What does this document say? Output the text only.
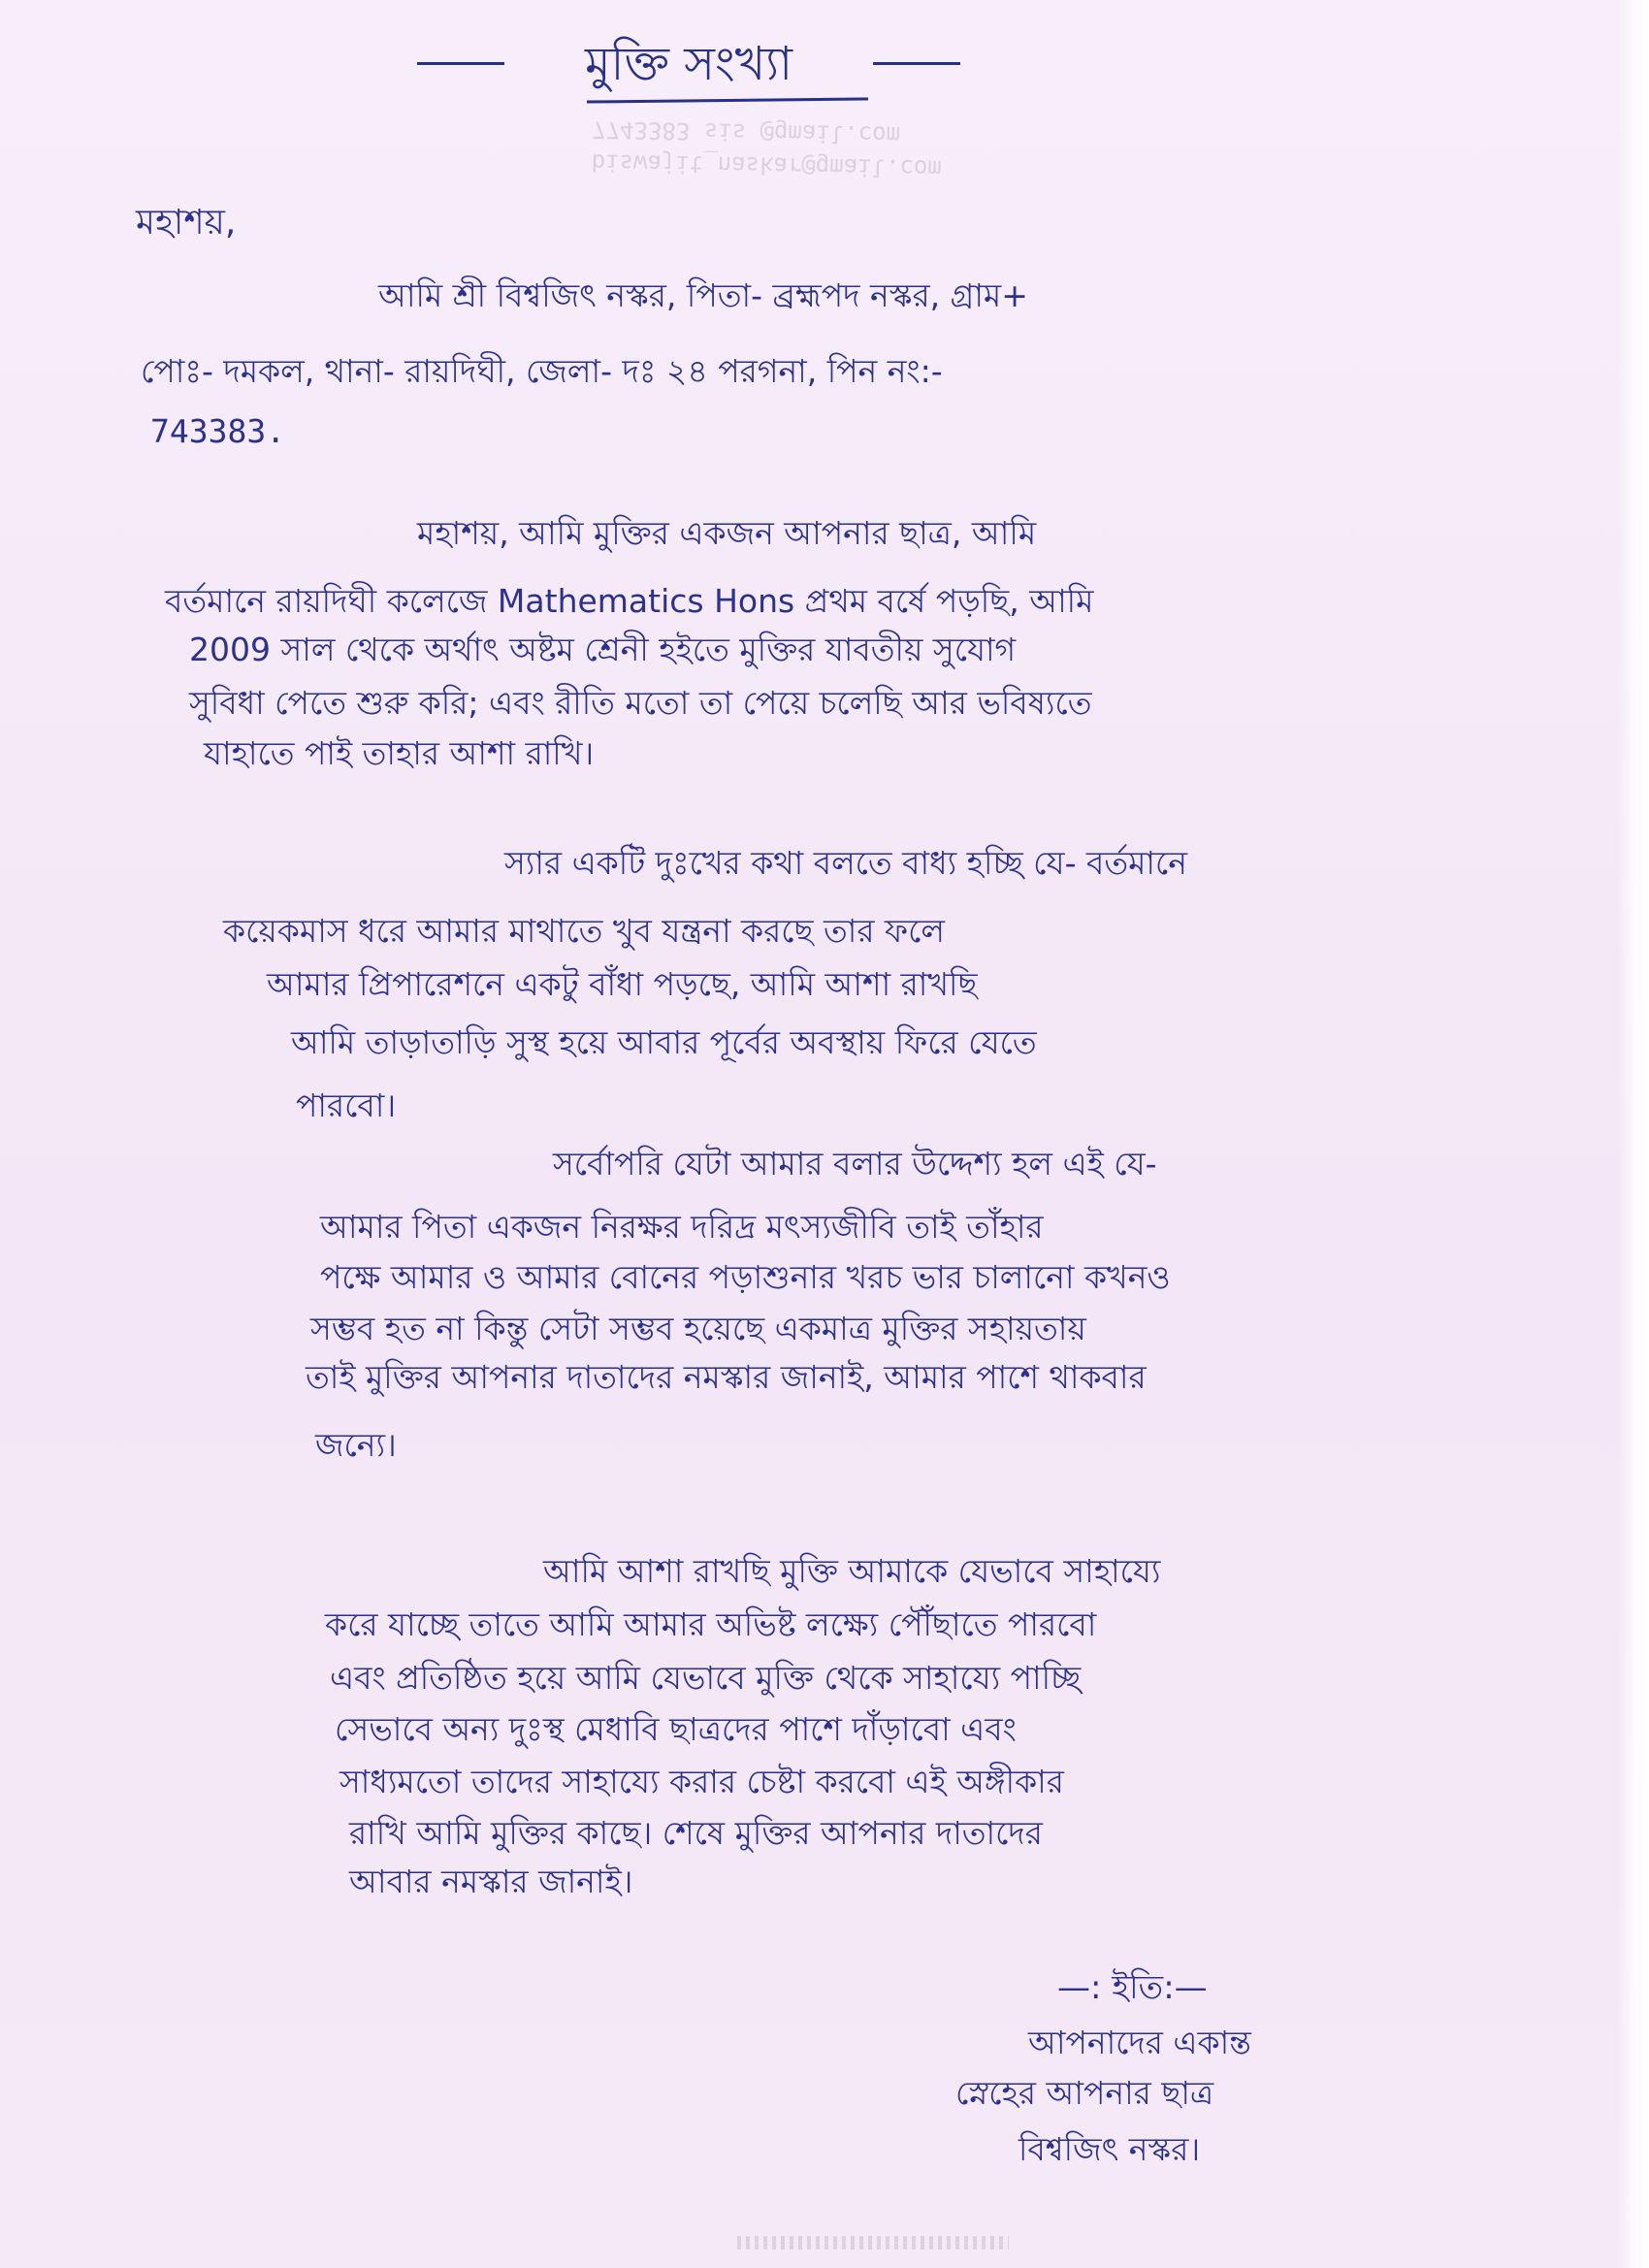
মুক্তি সংখ্যা
biswajit_naskar@gmail.com
7743383 sis @gmail.com
মহাশয়,
আমি শ্রী বিশ্বজিৎ নস্কর, পিতা- ব্রহ্মপদ নস্কর, গ্রাম+
পোঃ- দমকল, থানা- রায়দিঘী, জেলা- দঃ ২৪ পরগনা, পিন নং:-
743383.
মহাশয়, আমি মুক্তির একজন আপনার ছাত্র, আমি
বর্তমানে রায়দিঘী কলেজে Mathematics Hons প্রথম বর্ষে পড়ছি, আমি
2009 সাল থেকে অর্থাৎ অষ্টম শ্রেনী হইতে মুক্তির যাবতীয় সুযোগ
সুবিধা পেতে শুরু করি; এবং রীতি মতো তা পেয়ে চলেছি আর ভবিষ্যতে
যাহাতে পাই তাহার আশা রাখি।
স্যার একটি দুঃখের কথা বলতে বাধ্য হচ্ছি যে- বর্তমানে
কয়েকমাস ধরে আমার মাথাতে খুব যন্ত্রনা করছে তার ফলে
আমার প্রিপারেশনে একটু বাঁধা পড়ছে, আমি আশা রাখছি
আমি তাড়াতাড়ি সুস্থ হয়ে আবার পূর্বের অবস্থায় ফিরে যেতে
পারবো।
সর্বোপরি যেটা আমার বলার উদ্দেশ্য হল এই যে-
আমার পিতা একজন নিরক্ষর দরিদ্র মৎস্যজীবি তাই তাঁহার
পক্ষে আমার ও আমার বোনের পড়াশুনার খরচ ভার চালানো কখনও
সম্ভব হত না কিন্তু সেটা সম্ভব হয়েছে একমাত্র মুক্তির সহায়তায়
তাই মুক্তির আপনার দাতাদের নমস্কার জানাই, আমার পাশে থাকবার
জন্যে।
আমি আশা রাখছি মুক্তি আমাকে যেভাবে সাহায্যে
করে যাচ্ছে তাতে আমি আমার অভিষ্ট লক্ষ্যে পৌঁছাতে পারবো
এবং প্রতিষ্ঠিত হয়ে আমি যেভাবে মুক্তি থেকে সাহায্যে পাচ্ছি
সেভাবে অন্য দুঃস্থ মেধাবি ছাত্রদের পাশে দাঁড়াবো এবং
সাধ্যমতো তাদের সাহায্যে করার চেষ্টা করবো এই অঙ্গীকার
রাখি আমি মুক্তির কাছে। শেষে মুক্তির আপনার দাতাদের
আবার নমস্কার জানাই।
—: ইতি:—
আপনাদের একান্ত
স্নেহের আপনার ছাত্র
বিশ্বজিৎ নস্কর।
